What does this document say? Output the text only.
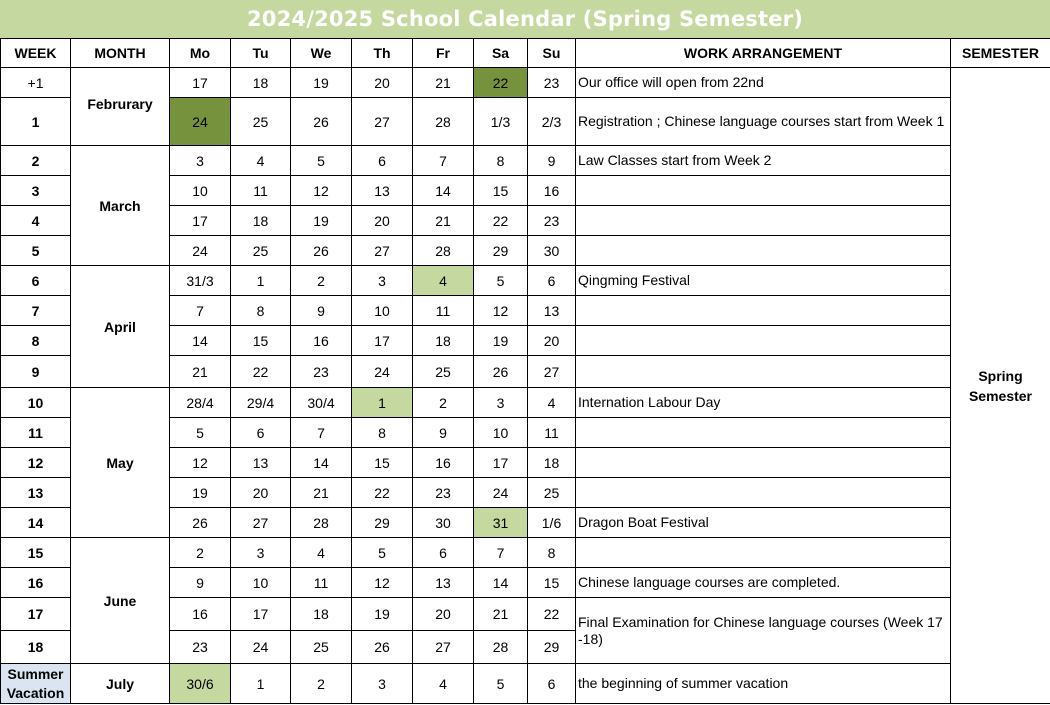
2024/2025 School Calendar (Spring Semester)
WEEK	MONTH	Mo	Tu	We	Th	Fr	Sa	Su	WORK ARRANGEMENT	SEMESTER
+1	Februrary	17	18	19	20	21	22	23	Our office will open from 22nd	Spring Semester
1		24	25	26	27	28	1/3	2/3	Registration ; Chinese language courses start from Week 1	
2	March	3	4	5	6	7	8	9	Law Classes start from Week 2	
3		10	11	12	13	14	15	16		
4		17	18	19	20	21	22	23		
5		24	25	26	27	28	29	30		
6	April	31/3	1	2	3	4	5	6	Qingming Festival	
7		7	8	9	10	11	12	13		
8		14	15	16	17	18	19	20		
9		21	22	23	24	25	26	27		
10	May	28/4	29/4	30/4	1	2	3	4	Internation Labour Day	
11		5	6	7	8	9	10	11		
12		12	13	14	15	16	17	18		
13		19	20	21	22	23	24	25		
14		26	27	28	29	30	31	1/6	Dragon Boat Festival	
15	June	2	3	4	5	6	7	8		
16		9	10	11	12	13	14	15	Chinese language courses are completed.	
17		16	17	18	19	20	21	22	Final Examination for Chinese language courses (Week 17 -18)	
18		23	24	25	26	27	28	29		
Summer Vacation	July	30/6	1	2	3	4	5	6	the beginning of summer vacation	
